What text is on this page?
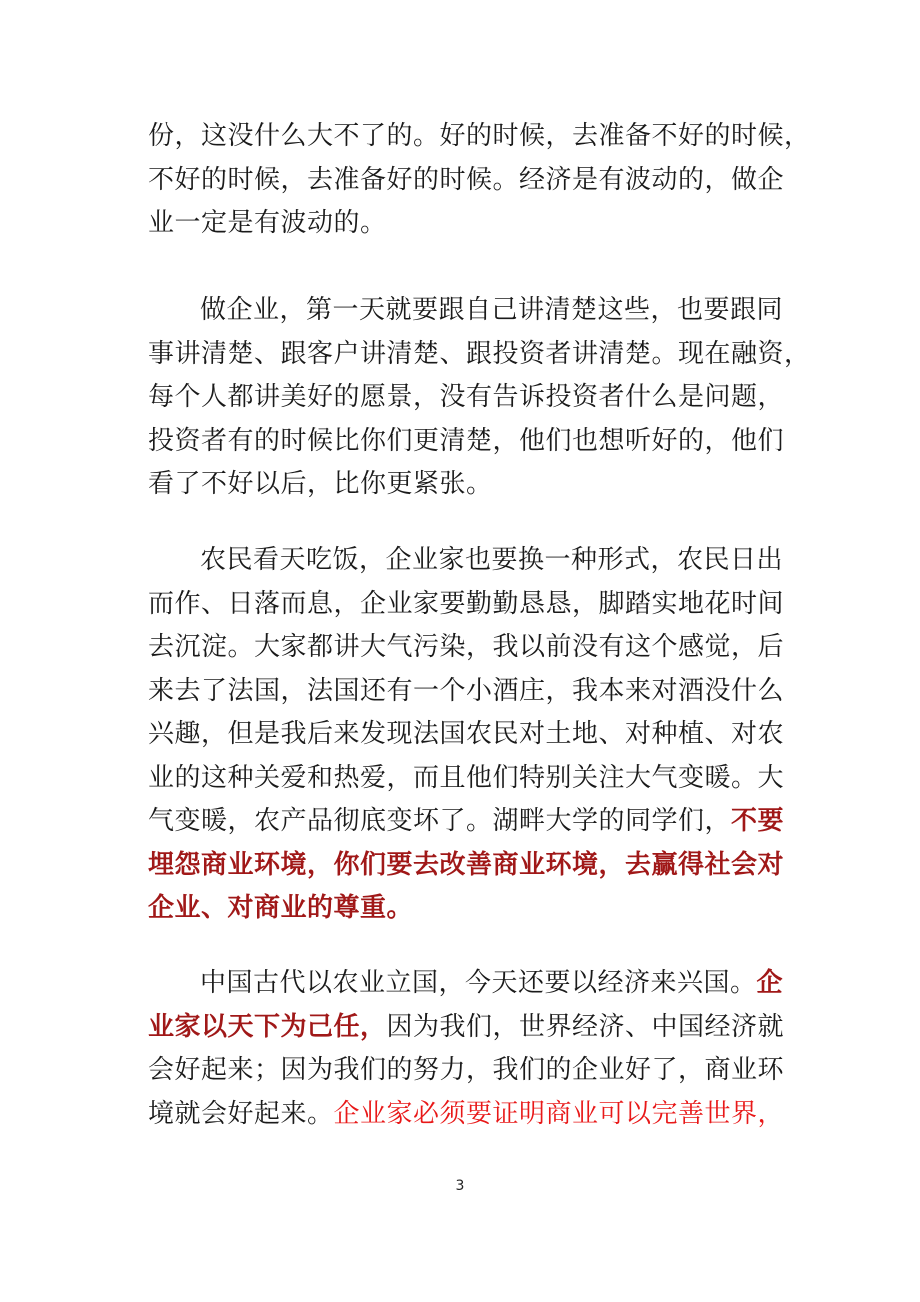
份，这没什么大不了的。好的时候，去准备不好的时候，
不好的时候，去准备好的时候。经济是有波动的，做企
业一定是有波动的。

做企业，第一天就要跟自己讲清楚这些，也要跟同
事讲清楚、跟客户讲清楚、跟投资者讲清楚。现在融资，
每个人都讲美好的愿景，没有告诉投资者什么是问题，
投资者有的时候比你们更清楚，他们也想听好的，他们
看了不好以后，比你更紧张。

农民看天吃饭，企业家也要换一种形式，农民日出
而作、日落而息，企业家要勤勤恳恳，脚踏实地花时间
去沉淀。大家都讲大气污染，我以前没有这个感觉，后
来去了法国，法国还有一个小酒庄，我本来对酒没什么
兴趣，但是我后来发现法国农民对土地、对种植、对农
业的这种关爱和热爱，而且他们特别关注大气变暖。大
气变暖，农产品彻底变坏了。湖畔大学的同学们，不要
埋怨商业环境，你们要去改善商业环境，去赢得社会对
企业、对商业的尊重。

中国古代以农业立国，今天还要以经济来兴国。企
业家以天下为己任，因为我们，世界经济、中国经济就
会好起来；因为我们的努力，我们的企业好了，商业环
境就会好起来。企业家必须要证明商业可以完善世界，

3
